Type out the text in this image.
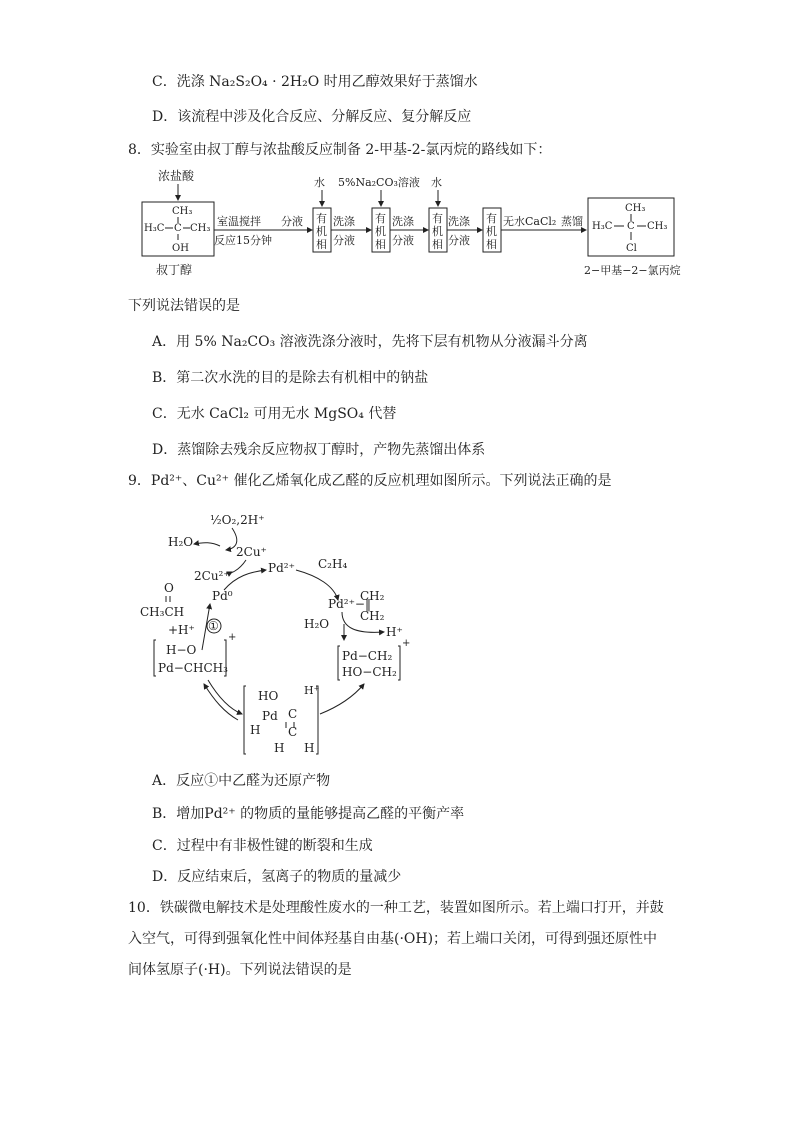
C．洗涤 Na₂S₂O₄ · 2H₂O 时用乙醇效果好于蒸馏水
D．该流程中涉及化合反应、分解反应、复分解反应
8．实验室由叔丁醇与浓盐酸反应制备 2-甲基-2-氯丙烷的路线如下：
浓盐酸
CH₃
H₃C C CH₃
OH
叔丁醇
室温搅拌
反应15分钟
分液 有
机
相
水
洗涤
分液
有
机
相
5%Na₂CO₃溶液
洗涤
分液
有
机
相
水
洗涤
分液
有
机
相
无水CaCl₂ 蒸馏
CH₃
H₃C C CH₃
Cl
2−甲基−2−氯丙烷
下列说法错误的是
A．用 5% Na₂CO₃ 溶液洗涤分液时，先将下层有机物从分液漏斗分离
B．第二次水洗的目的是除去有机相中的钠盐
C．无水 CaCl₂ 可用无水 MgSO₄ 代替
D．蒸馏除去残余反应物叔丁醇时，产物先蒸馏出体系
9．Pd²⁺、Cu²⁺ 催化乙烯氧化成乙醛的反应机理如图所示。下列说法正确的是
½O₂,2H⁺
H₂O
2Cu⁺
2Cu²⁺
Pd²⁺
Pd⁰
C₂H₄
Pd²⁺−‖
CH₂
CH₂
H₂O
H⁺
Pd−CH₂
HO−CH₂
+
O
CH₃CH
+H⁺ ①
H−O
Pd−CHCH₃
+
HO H⁺
Pd C
C
H
H H
A．反应①中乙醛为还原产物
B．增加Pd²⁺ 的物质的量能够提高乙醛的平衡产率
C．过程中有非极性键的断裂和生成
D．反应结束后，氢离子的物质的量减少
10．铁碳微电解技术是处理酸性废水的一种工艺，装置如图所示。若上端口打开，并鼓
入空气，可得到强氧化性中间体羟基自由基(·OH)；若上端口关闭，可得到强还原性中
间体氢原子(·H)。下列说法错误的是
